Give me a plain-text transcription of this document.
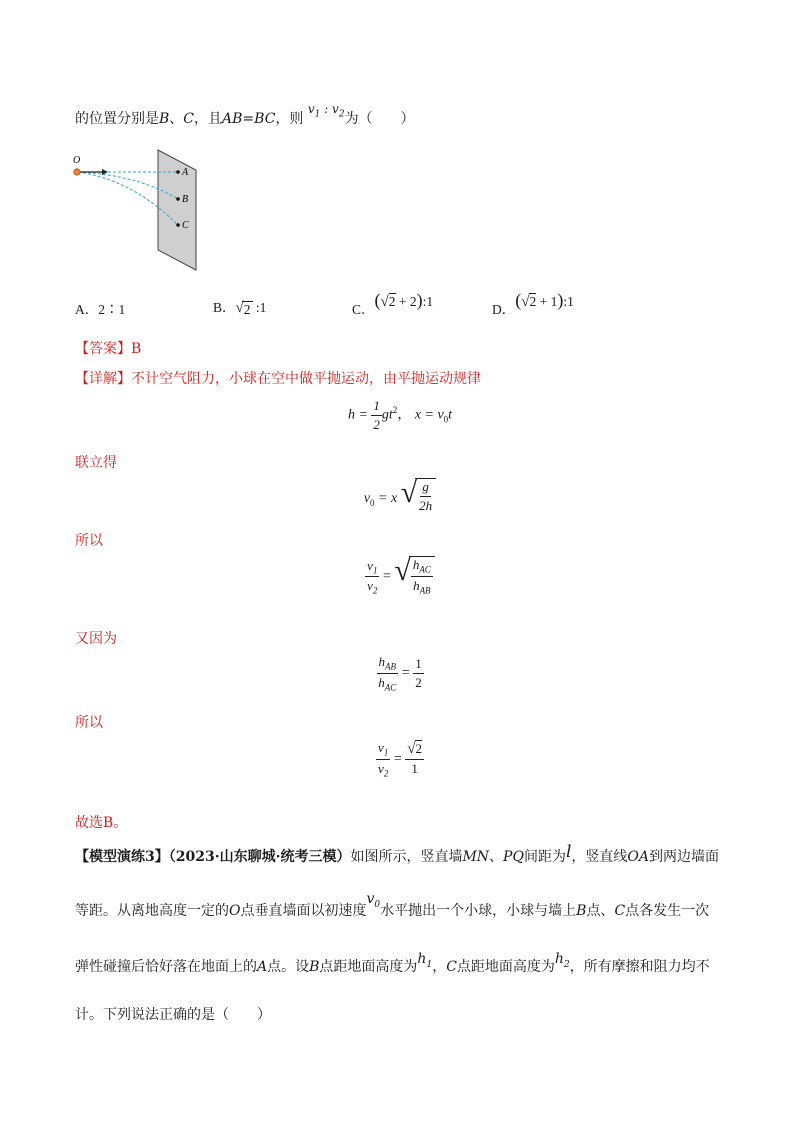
的位置分别是B、C，且AB=BC，则 $v_1$ : $v_2$为（　　）
O
A
B
C
A．2∶1	B． √ 2 :1	C．(√2 + 2):1
D．(√2 + 1):1
【答案】B
【详解】不计空气阻力，小球在空中做平抛运动，由平抛运动规律
$h = \frac{1}{2} gt^2$， $x = v_0t$
联立得
$v_0 = x$ √ $\frac{g}{2h}$
所以
$\frac{v_1}{v_2}$ = √ $\frac{h_{AC}}{h_{AB}}$
又因为
$\frac{h_{AB}}{h_{AC}} = \frac{1}{2}$
所以
$\frac{v_1}{v_2} = \frac{√2}{1}$
故选B。
【模型演练3】（2023·山东聊城·统考三模）如图所示，竖直墙MN、PQ间距为l，竖直线OA到两边墙面
等距。从离地高度一定的O点垂直墙面以初速度$v_0$水平抛出一个小球，小球与墙上B点、C点各发生一次
弹性碰撞后恰好落在地面上的A点。设B点距地面高度为$h_1$，C点距地面高度为$h_2$，所有摩擦和阻力均不
计。下列说法正确的是（　　）
